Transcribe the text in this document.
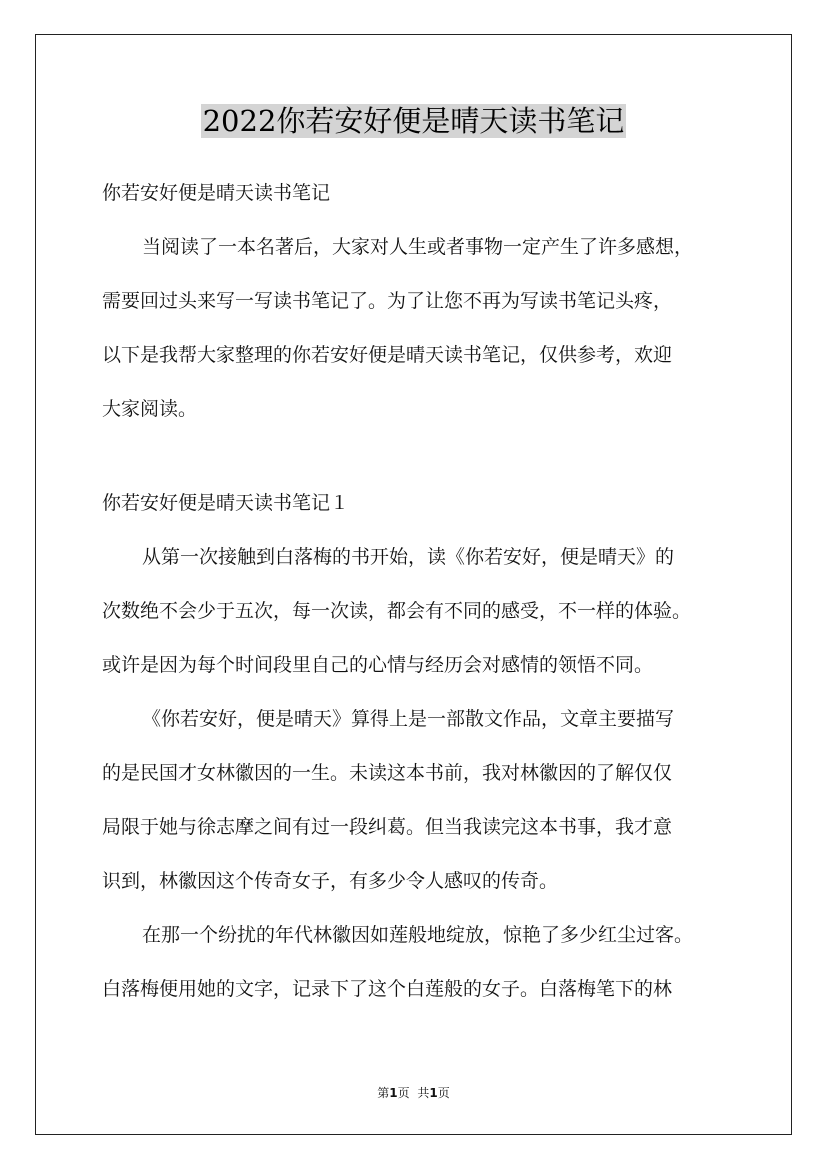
2022你若安好便是晴天读书笔记
你若安好便是晴天读书笔记
当阅读了一本名著后，大家对人生或者事物一定产生了许多感想，
需要回过头来写一写读书笔记了。为了让您不再为写读书笔记头疼，
以下是我帮大家整理的你若安好便是晴天读书笔记，仅供参考，欢迎
大家阅读。
你若安好便是晴天读书笔记１
从第一次接触到白落梅的书开始，读《你若安好，便是晴天》的
次数绝不会少于五次，每一次读，都会有不同的感受，不一样的体验。
或许是因为每个时间段里自己的心情与经历会对感情的领悟不同。
《你若安好，便是晴天》算得上是一部散文作品，文章主要描写
的是民国才女林徽因的一生。未读这本书前，我对林徽因的了解仅仅
局限于她与徐志摩之间有过一段纠葛。但当我读完这本书事，我才意
识到，林徽因这个传奇女子，有多少令人感叹的传奇。
在那一个纷扰的年代林徽因如莲般地绽放，惊艳了多少红尘过客。
白落梅便用她的文字，记录下了这个白莲般的女子。白落梅笔下的林
第1页 共1页
